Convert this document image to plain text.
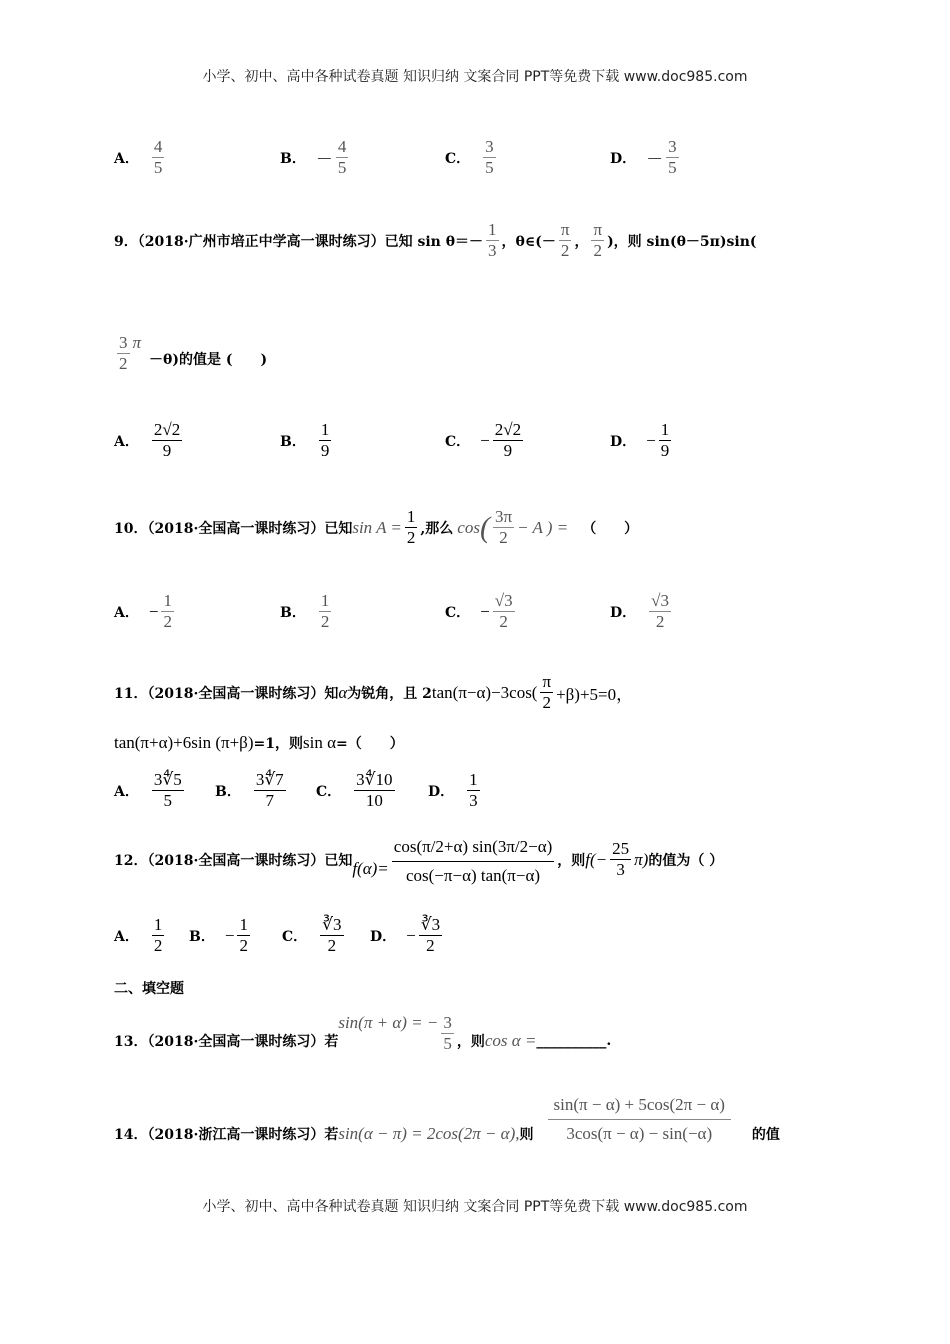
小学、初中、高中各种试卷真题 知识归纳 文案合同 PPT等免费下载 www.doc985.com
A． $\frac{4}{5}$	B． － $\frac{4}{5}$	C． $\frac{3}{5}$	D． － $\frac{3}{5}$
9．（2018·广州市培正中学高一课时练习）已知 $\sin \theta=- \frac{1}{3}$ ，θ∈(－ $\frac{\pi}{2}$ ， $\frac{\pi}{2}$ )，则 sin(θ－5π)sin(
$\frac{3}{2}$ π
－θ)的值是 (　　)
A． $\frac{2√2}{9}$	B． $\frac{1}{9}$	C． − $\frac{2√2}{9}$	D． − $\frac{1}{9}$
10．（2018·全国高一课时练习）已知 $\sin A = \frac{1}{2}$ ,那么 cos ( $\frac{3\pi}{2} - A$ ) = （　　）
A． − $\frac{1}{2}$	B． $\frac{1}{2}$	C． − $\frac{√3}{2}$	D． $\frac{√3}{2}$
11．（2018·全国高一课时练习）知 α 为锐角，且 2 $\tan(\pi-\alpha)-3\cos( \frac{\pi}{2} +\beta)+5=0$，
tan(π+α)+6sin (π+β) =1，则 sin α =（　　）
A． $\frac{3∜5}{5}$ B． $\frac{3∜7}{7}$ C． $\frac{3∜10}{10}$ D． $\frac{1}{3}$
12．（2018·全国高一课时练习）已知 $f(\alpha)= \frac{\cos(\pi/2+\alpha) \sin(3\pi/2-\alpha)}{\cos(-\pi-\alpha) \tan(\pi-\alpha)}$ ，则 $f(- \frac{25}{3} \pi)$ 的值为（ ）
A． $\frac{1}{2}$ B． − $\frac{1}{2}$ C． $\frac{∛3}{2}$ D． − $\frac{∛3}{2}$
二、填空题
13．（2018·全国高一课时练习）若
sin(π + α) = − $\frac{3}{5}$ ，则 cos α = __________.
14．（2018·浙江高一课时练习）若 sin(α − π) = 2cos(2π − α), 则 $\frac{\sin(\pi - \alpha) + 5\cos(2\pi - \alpha)}{3\cos(\pi - \alpha) - \sin(-\alpha)}$ 的值
小学、初中、高中各种试卷真题 知识归纳 文案合同 PPT等免费下载 www.doc985.com
